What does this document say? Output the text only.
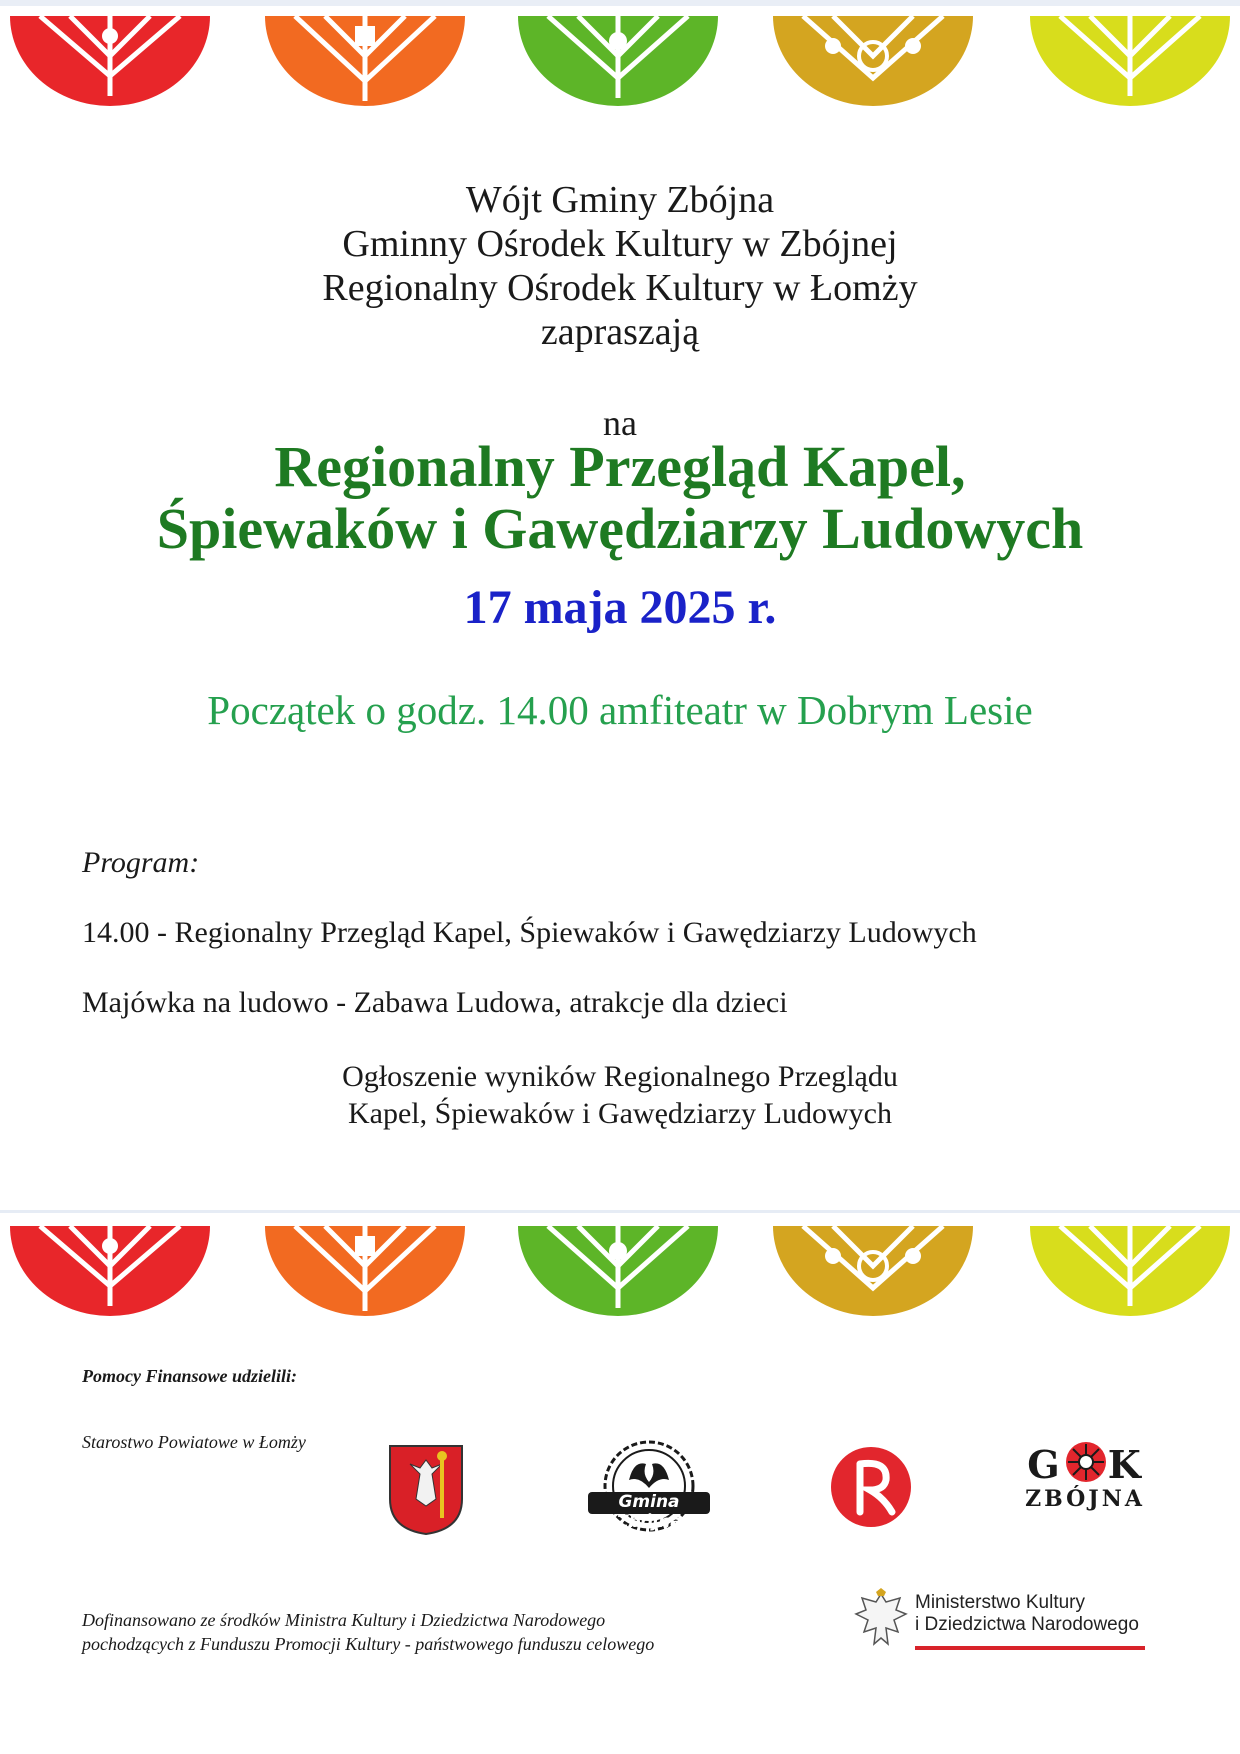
Wójt Gminy Zbójna
Gminny Ośrodek Kultury w Zbójnej
Regionalny Ośrodek Kultury w Łomży
zapraszają
na
Regionalny Przegląd Kapel,
Śpiewaków i Gawędziarzy Ludowych
17 maja 2025 r.
Początek o godz. 14.00 amfiteatr w Dobrym Lesie
Program:
14.00 - Regionalny Przegląd Kapel, Śpiewaków i Gawędziarzy Ludowych
Majówka na ludowo - Zabawa Ludowa, atrakcje dla dzieci
Ogłoszenie wyników Regionalnego Przeglądu
Kapel, Śpiewaków i Gawędziarzy Ludowych
Pomocy Finansowe udzielili:
Starostwo Powiatowe w Łomży
Gmina Zbójna
G K
ZBÓJNA
Dofinansowano ze środków Ministra Kultury i Dziedzictwa Narodowego
pochodzących z Funduszu Promocji Kultury - państwowego funduszu celowego
Ministerstwo Kultury
i Dziedzictwa Narodowego
